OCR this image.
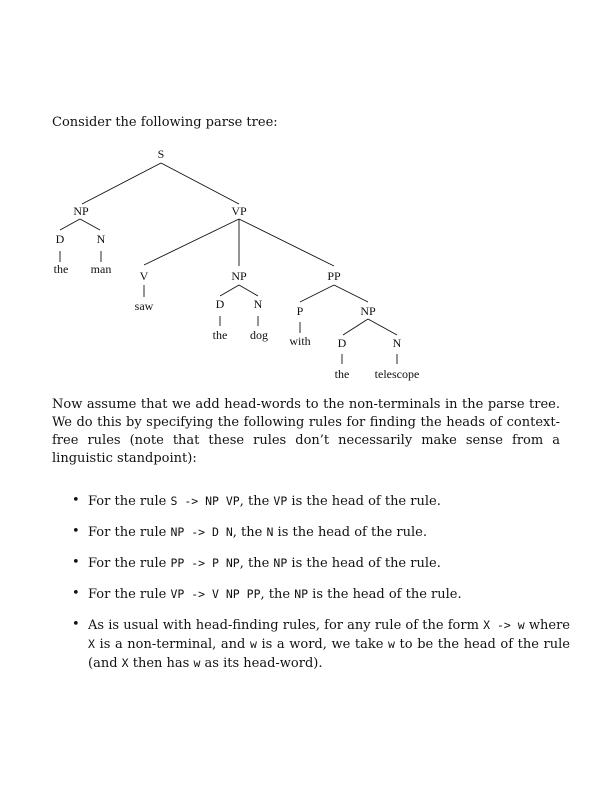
Consider the following parse tree:
S
NP
D	N
the man
VP
V
saw
NP
D N
the dog
PP
P
with
NP
D	N
the telescope
Now assume that we add head-words to the non-terminals in the parse tree. We do this by specifying the following rules for finding the heads of context-free rules (note that these rules don’t necessarily make sense from a linguistic standpoint):
• For the rule S -> NP VP, the VP is the head of the rule.
• For the rule NP -> D N, the N is the head of the rule.
• For the rule PP -> P NP, the NP is the head of the rule.
• For the rule VP -> V NP PP, the NP is the head of the rule.
• As is usual with head-finding rules, for any rule of the form X -> w where X is a non-terminal, and w is a word, we take w to be the head of the rule (and X then has w as its head-word).
